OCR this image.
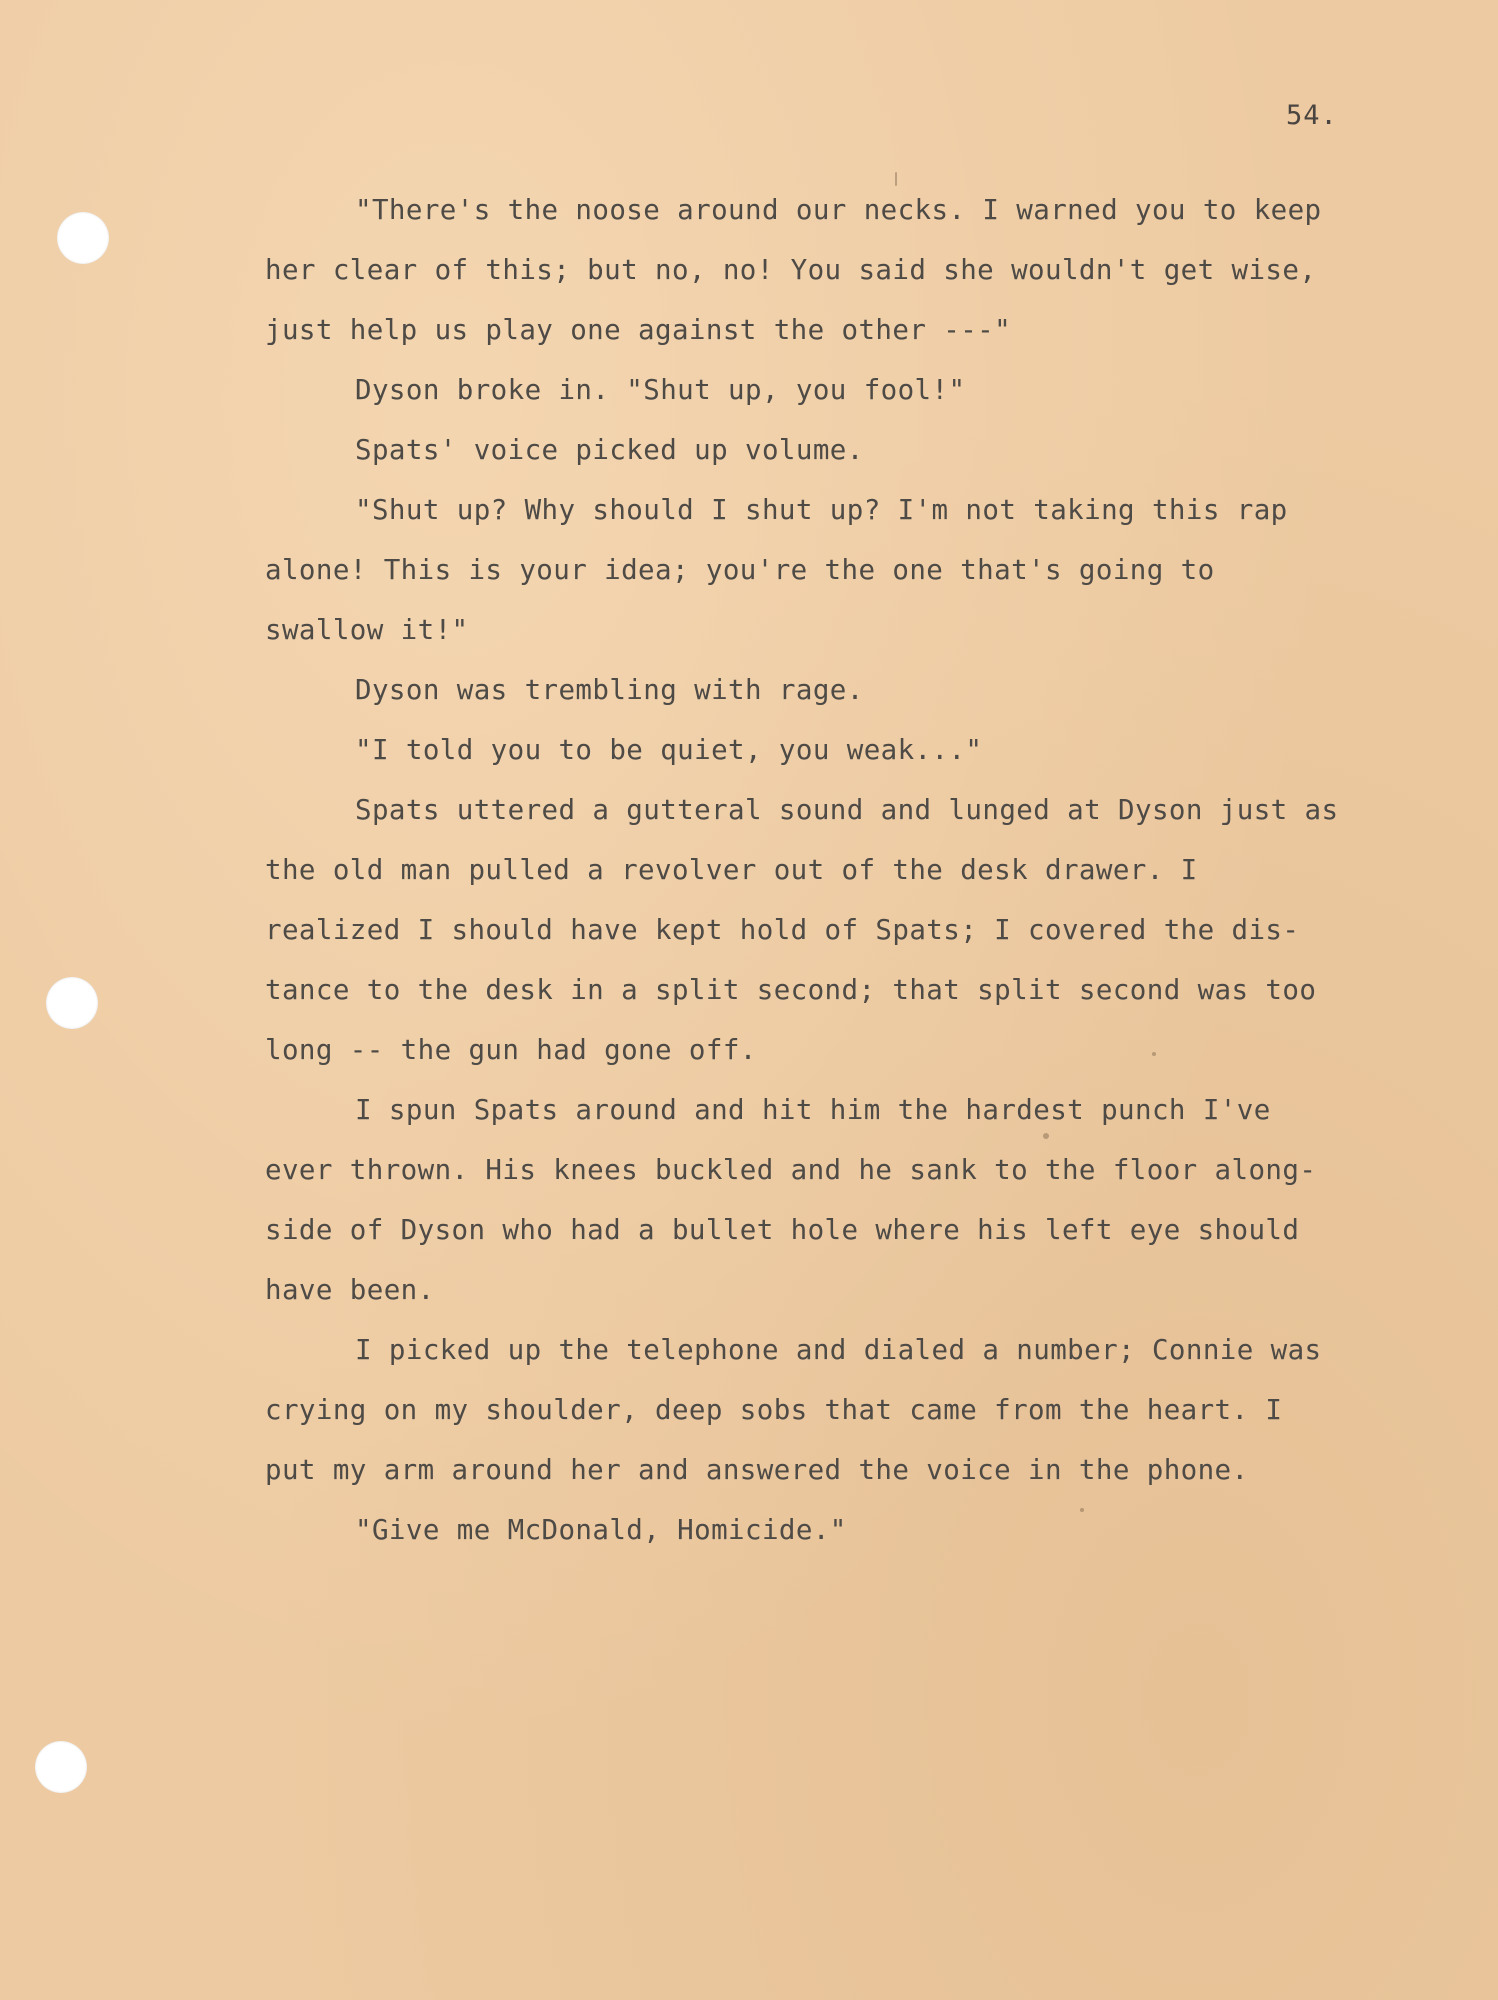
54.
"There's the noose around our necks. I warned you to keep
her clear of this; but no, no! You said she wouldn't get wise,
just help us play one against the other ---"
Dyson broke in. "Shut up, you fool!"
Spats' voice picked up volume.
"Shut up? Why should I shut up? I'm not taking this rap
alone! This is your idea; you're the one that's going to
swallow it!"
Dyson was trembling with rage.
"I told you to be quiet, you weak..."
Spats uttered a gutteral sound and lunged at Dyson just as
the old man pulled a revolver out of the desk drawer. I
realized I should have kept hold of Spats; I covered the dis-
tance to the desk in a split second; that split second was too
long -- the gun had gone off.
I spun Spats around and hit him the hardest punch I've
ever thrown. His knees buckled and he sank to the floor along-
side of Dyson who had a bullet hole where his left eye should
have been.
I picked up the telephone and dialed a number; Connie was
crying on my shoulder, deep sobs that came from the heart. I
put my arm around her and answered the voice in the phone.
"Give me McDonald, Homicide."
